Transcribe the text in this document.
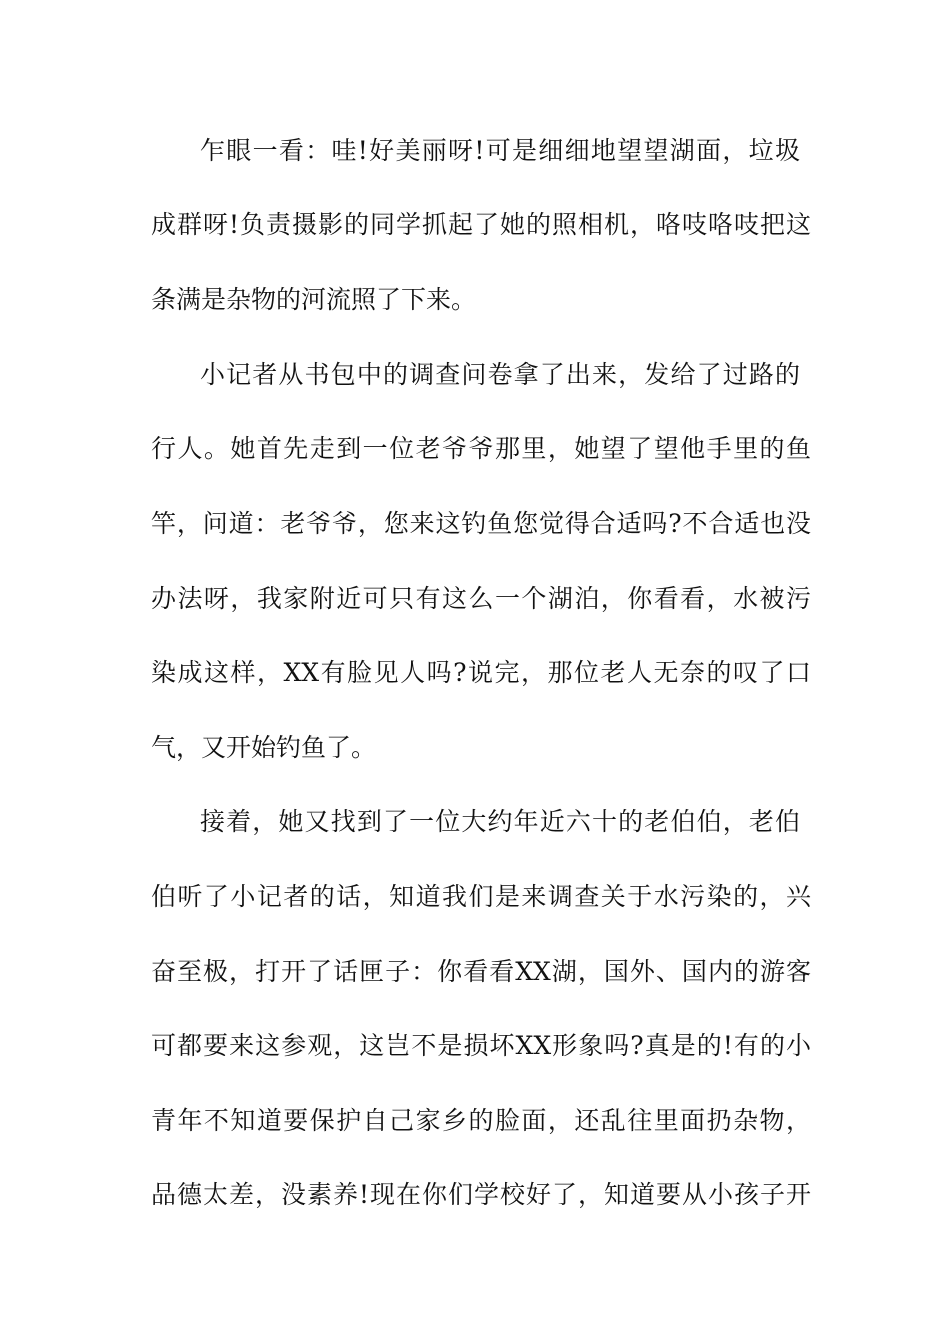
乍眼一看：哇!好美丽呀!可是细细地望望湖面，垃圾
成群呀!负责摄影的同学抓起了她的照相机，咯吱咯吱把这
条满是杂物的河流照了下来。
小记者从书包中的调查问卷拿了出来，发给了过路的
行人。她首先走到一位老爷爷那里，她望了望他手里的鱼
竿，问道：老爷爷，您来这钓鱼您觉得合适吗?不合适也没
办法呀，我家附近可只有这么一个湖泊，你看看，水被污
染成这样，XX有脸见人吗?说完，那位老人无奈的叹了口
气，又开始钓鱼了。
接着，她又找到了一位大约年近六十的老伯伯，老伯
伯听了小记者的话，知道我们是来调查关于水污染的，兴
奋至极，打开了话匣子：你看看XX湖，国外、国内的游客
可都要来这参观，这岂不是损坏XX形象吗?真是的!有的小
青年不知道要保护自己家乡的脸面，还乱往里面扔杂物，
品德太差，没素养!现在你们学校好了，知道要从小孩子开
